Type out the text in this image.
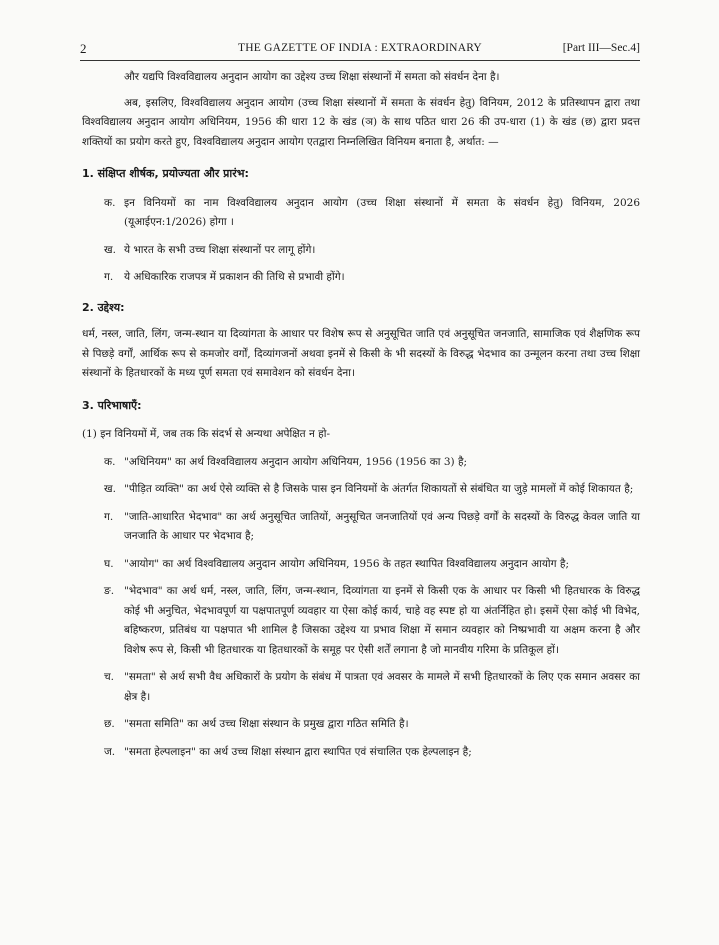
2	THE GAZETTE OF INDIA : EXTRAORDINARY	[Part III—Sec.4]

और यद्यपि विश्वविद्यालय अनुदान आयोग का उद्देश्य उच्च शिक्षा संस्थानों में समता को संवर्धन देना है।

अब, इसलिए, विश्वविद्यालय अनुदान आयोग (उच्च शिक्षा संस्थानों में समता के संवर्धन हेतु) विनियम, 2012 के प्रतिस्थापन द्वारा तथा विश्वविद्यालय अनुदान आयोग अधिनियम, 1956 की धारा 12 के खंड (ञ) के साथ पठित धारा 26 की उप-धारा (1) के खंड (छ) द्वारा प्रदत्त शक्तियों का प्रयोग करते हुए, विश्वविद्यालय अनुदान आयोग एतद्वारा निम्नलिखित विनियम बनाता है, अर्थात: —

1. संक्षिप्त शीर्षक, प्रयोज्यता और प्रारंभ:

क. इन विनियमों का नाम विश्वविद्यालय अनुदान आयोग (उच्च शिक्षा संस्थानों में समता के संवर्धन हेतु) विनियम, 2026 (यूआईएन:1/2026) होगा ।

ख. ये भारत के सभी उच्च शिक्षा संस्थानों पर लागू होंगे।

ग. ये अधिकारिक राजपत्र में प्रकाशन की तिथि से प्रभावी होंगे।

2. उद्देश्य:

धर्म, नस्ल, जाति, लिंग, जन्म-स्थान या दिव्यांगता के आधार पर विशेष रूप से अनुसूचित जाति एवं अनुसूचित जनजाति, सामाजिक एवं शैक्षणिक रूप से पिछड़े वर्गों, आर्थिक रूप से कमजोर वर्गों, दिव्यांगजनों अथवा इनमें से किसी के भी सदस्यों के विरुद्ध भेदभाव का उन्मूलन करना तथा उच्च शिक्षा संस्थानों के हितधारकों के मध्य पूर्ण समता एवं समावेशन को संवर्धन देना।

3. परिभाषाएँ:

(1) इन विनियमों में, जब तक कि संदर्भ से अन्यथा अपेक्षित न हो-

क. "अधिनियम" का अर्थ विश्वविद्यालय अनुदान आयोग अधिनियम, 1956 (1956 का 3) है;

ख. "पीड़ित व्यक्ति" का अर्थ ऐसे व्यक्ति से है जिसके पास इन विनियमों के अंतर्गत शिकायतों से संबंधित या जुड़े मामलों में कोई शिकायत है;

ग. "जाति-आधारित भेदभाव" का अर्थ अनुसूचित जातियों, अनुसूचित जनजातियों एवं अन्य पिछड़े वर्गों के सदस्यों के विरुद्ध केवल जाति या जनजाति के आधार पर भेदभाव है;

घ. "आयोग" का अर्थ विश्वविद्यालय अनुदान आयोग अधिनियम, 1956 के तहत स्थापित विश्वविद्यालय अनुदान आयोग है;

ङ. "भेदभाव" का अर्थ धर्म, नस्ल, जाति, लिंग, जन्म-स्थान, दिव्यांगता या इनमें से किसी एक के आधार पर किसी भी हितधारक के विरुद्ध कोई भी अनुचित, भेदभावपूर्ण या पक्षपातपूर्ण व्यवहार या ऐसा कोई कार्य, चाहे वह स्पष्ट हो या अंतर्निहित हो। इसमें ऐसा कोई भी विभेद, बहिष्करण, प्रतिबंध या पक्षपात भी शामिल है जिसका उद्देश्य या प्रभाव शिक्षा में समान व्यवहार को निष्प्रभावी या अक्षम करना है और विशेष रूप से, किसी भी हितधारक या हितधारकों के समूह पर ऐसी शर्तें लगाना है जो मानवीय गरिमा के प्रतिकूल हों।

च. "समता" से अर्थ सभी वैध अधिकारों के प्रयोग के संबंध में पात्रता एवं अवसर के मामले में सभी हितधारकों के लिए एक समान अवसर का क्षेत्र है।

छ. "समता समिति" का अर्थ उच्च शिक्षा संस्थान के प्रमुख द्वारा गठित समिति है।

ज. "समता हेल्पलाइन" का अर्थ उच्च शिक्षा संस्थान द्वारा स्थापित एवं संचालित एक हेल्पलाइन है;
